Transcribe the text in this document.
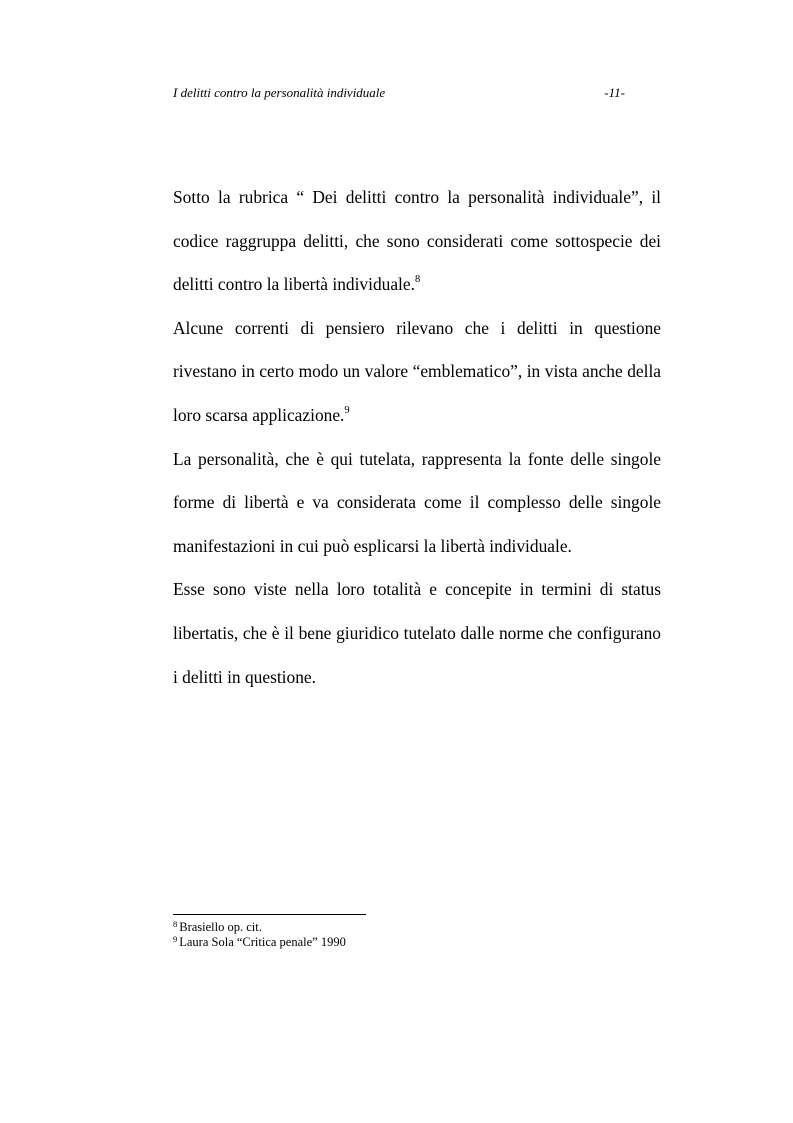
I delitti contro la personalità individuale	-11-

Sotto la rubrica “ Dei delitti contro la personalità individuale”, il codice raggruppa delitti, che sono considerati come sottospecie dei delitti contro la libertà individuale.$^8$

Alcune correnti di pensiero rilevano che i delitti in questione rivestano in certo modo un valore “emblematico”, in vista anche della loro scarsa applicazione.$^9$

La personalità, che è qui tutelata, rappresenta la fonte delle singole forme di libertà e va considerata come il complesso delle singole manifestazioni in cui può esplicarsi la libertà individuale.

Esse sono viste nella loro totalità e concepite in termini di status libertatis, che è il bene giuridico tutelato dalle norme che configurano i delitti in questione.

$^8$ Brasiello op. cit.
$^9$ Laura Sola “Critica penale” 1990
